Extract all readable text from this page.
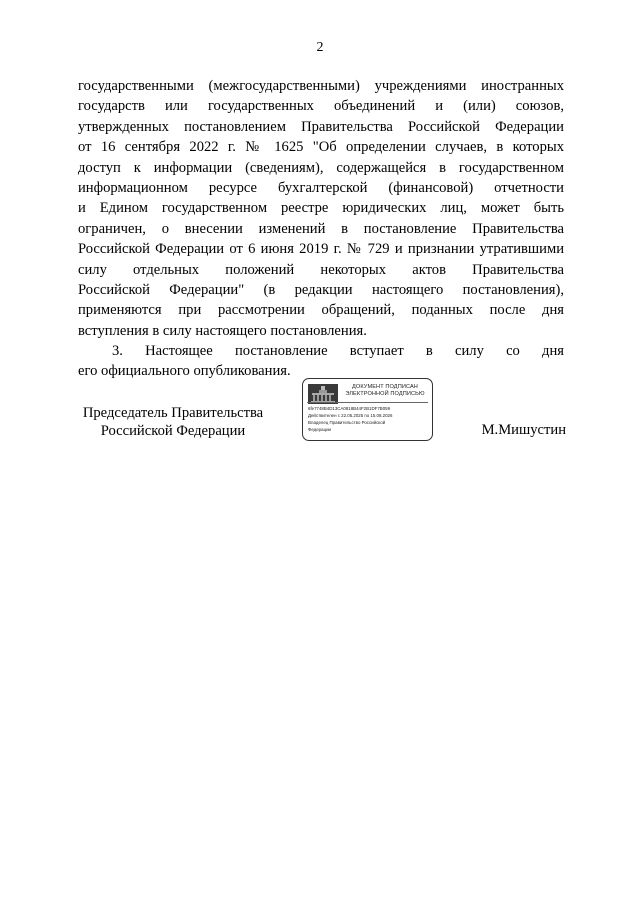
2
государственными (межгосударственными) учреждениями иностранных
государств или государственных объединений и (или) союзов,
утвержденных постановлением Правительства Российской Федерации
от 16 сентября 2022 г. № 1625 "Об определении случаев, в которых
доступ к информации (сведениям), содержащейся в государственном
информационном ресурсе бухгалтерской (финансовой) отчетности
и Едином государственном реестре юридических лиц, может быть
ограничен, о внесении изменений в постановление Правительства
Российской Федерации от 6 июня 2019 г. № 729 и признании утратившими
силу отдельных положений некоторых актов Правительства
Российской Федерации" (в редакции настоящего постановления),
применяются при рассмотрении обращений, поданных после дня
вступления в силу настоящего постановления.
3. Настоящее постановление вступает в силу со дня
его официального опубликования.
Председатель Правительства
Российской Федерации
ДОКУМЕНТ ПОДПИСАН
ЭЛЕКТРОННОЙ ПОДПИСЬЮ
6fe7748B4D13CA0818B44F2B1DF7B059
Действителен с 22.05.2025 по 15.08.2026
Владелец Правительство Российской
Федерации	М.Мишустин
